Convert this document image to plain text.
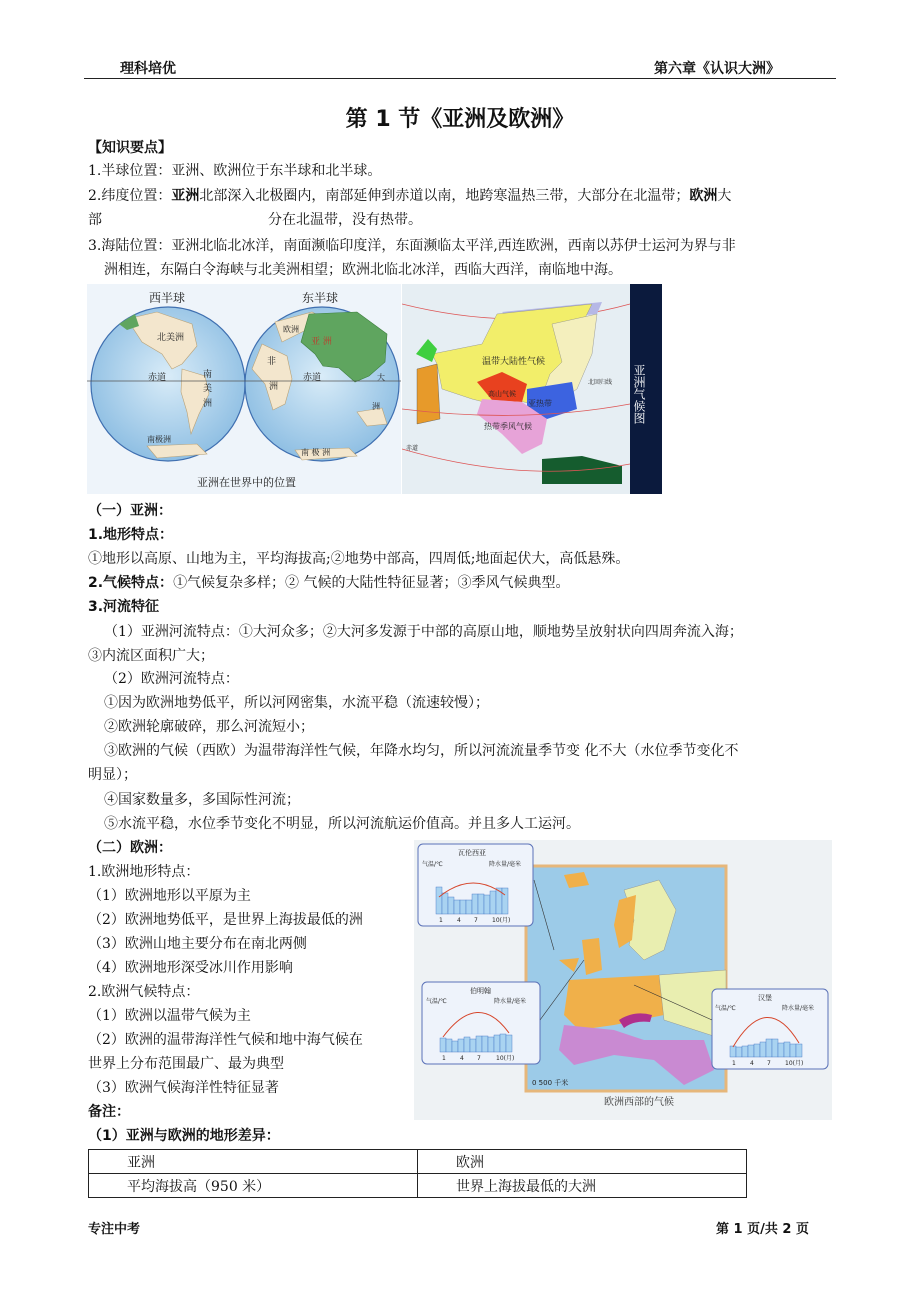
理科培优	第六章《认识大洲》
第 1 节《亚洲及欧洲》
【知识要点】
1.半球位置：亚洲、欧洲位于东半球和北半球。
2.纬度位置：亚洲北部深入北极圈内，南部延伸到赤道以南，地跨寒温热三带，大部分在北温带；欧洲大
部	分在北温带，没有热带。
3.海陆位置：亚洲北临北冰洋，南面濒临印度洋，东面濒临太平洋,西连欧洲，西南以苏伊士运河为界与非
洲相连，东隔白令海峡与北美洲相望；欧洲北临北冰洋，西临大西洋，南临地中海。
西半球	东半球
北美洲
赤道	南
美
洲
南极洲
非
洲
欧洲
亚 洲
赤道	大
洲
南 极 洲
亚洲在世界中的位置
温带大陆性气候
亚热带
热带季风气候
高山气候
北回归线
赤道
亚洲气候图
（一）亚洲：
1.地形特点：
①地形以高原、山地为主，平均海拔高;②地势中部高，四周低;地面起伏大，高低悬殊。
2.气候特点：①气候复杂多样；② 气候的大陆性特征显著；③季风气候典型。
3.河流特征
（1）亚洲河流特点：①大河众多；②大河多发源于中部的高原山地，顺地势呈放射状向四周奔流入海；
③内流区面积广大；
（2）欧洲河流特点：
①因为欧洲地势低平，所以河网密集，水流平稳（流速较慢）；
②欧洲轮廓破碎，那么河流短小；
③欧洲的气候（西欧）为温带海洋性气候，年降水均匀，所以河流流量季节变 化不大（水位季节变化不
明显）；
④国家数量多，多国际性河流；
⑤水流平稳，水位季节变化不明显，所以河流航运价值高。并且多人工运河。
（二）欧洲：
1.欧洲地形特点：
（1）欧洲地形以平原为主
（2）欧洲地势低平，是世界上海拔最低的洲
（3）欧洲山地主要分布在南北两侧
（4）欧洲地形深受冰川作用影响
2.欧洲气候特点：
（1）欧洲以温带气候为主
（2）欧洲的温带海洋性气候和地中海气候在
世界上分布范围最广、最为典型
（3）欧洲气候海洋性特征显著
备注：
（1）亚洲与欧洲的地形差异：
欧洲西部的气候
0 500 千米
瓦伦西亚
气温/℃	降水量/毫米
1 4 7 10(月)
伯明翰
气温/℃	降水量/毫米
1 4 7	10(月)
汉堡
气温/℃	降水量/毫米
1 4 7 10(月)
亚洲	欧洲
平均海拔高（950 米）	世界上海拔最低的大洲
专注中考	第 1 页/共 2 页
